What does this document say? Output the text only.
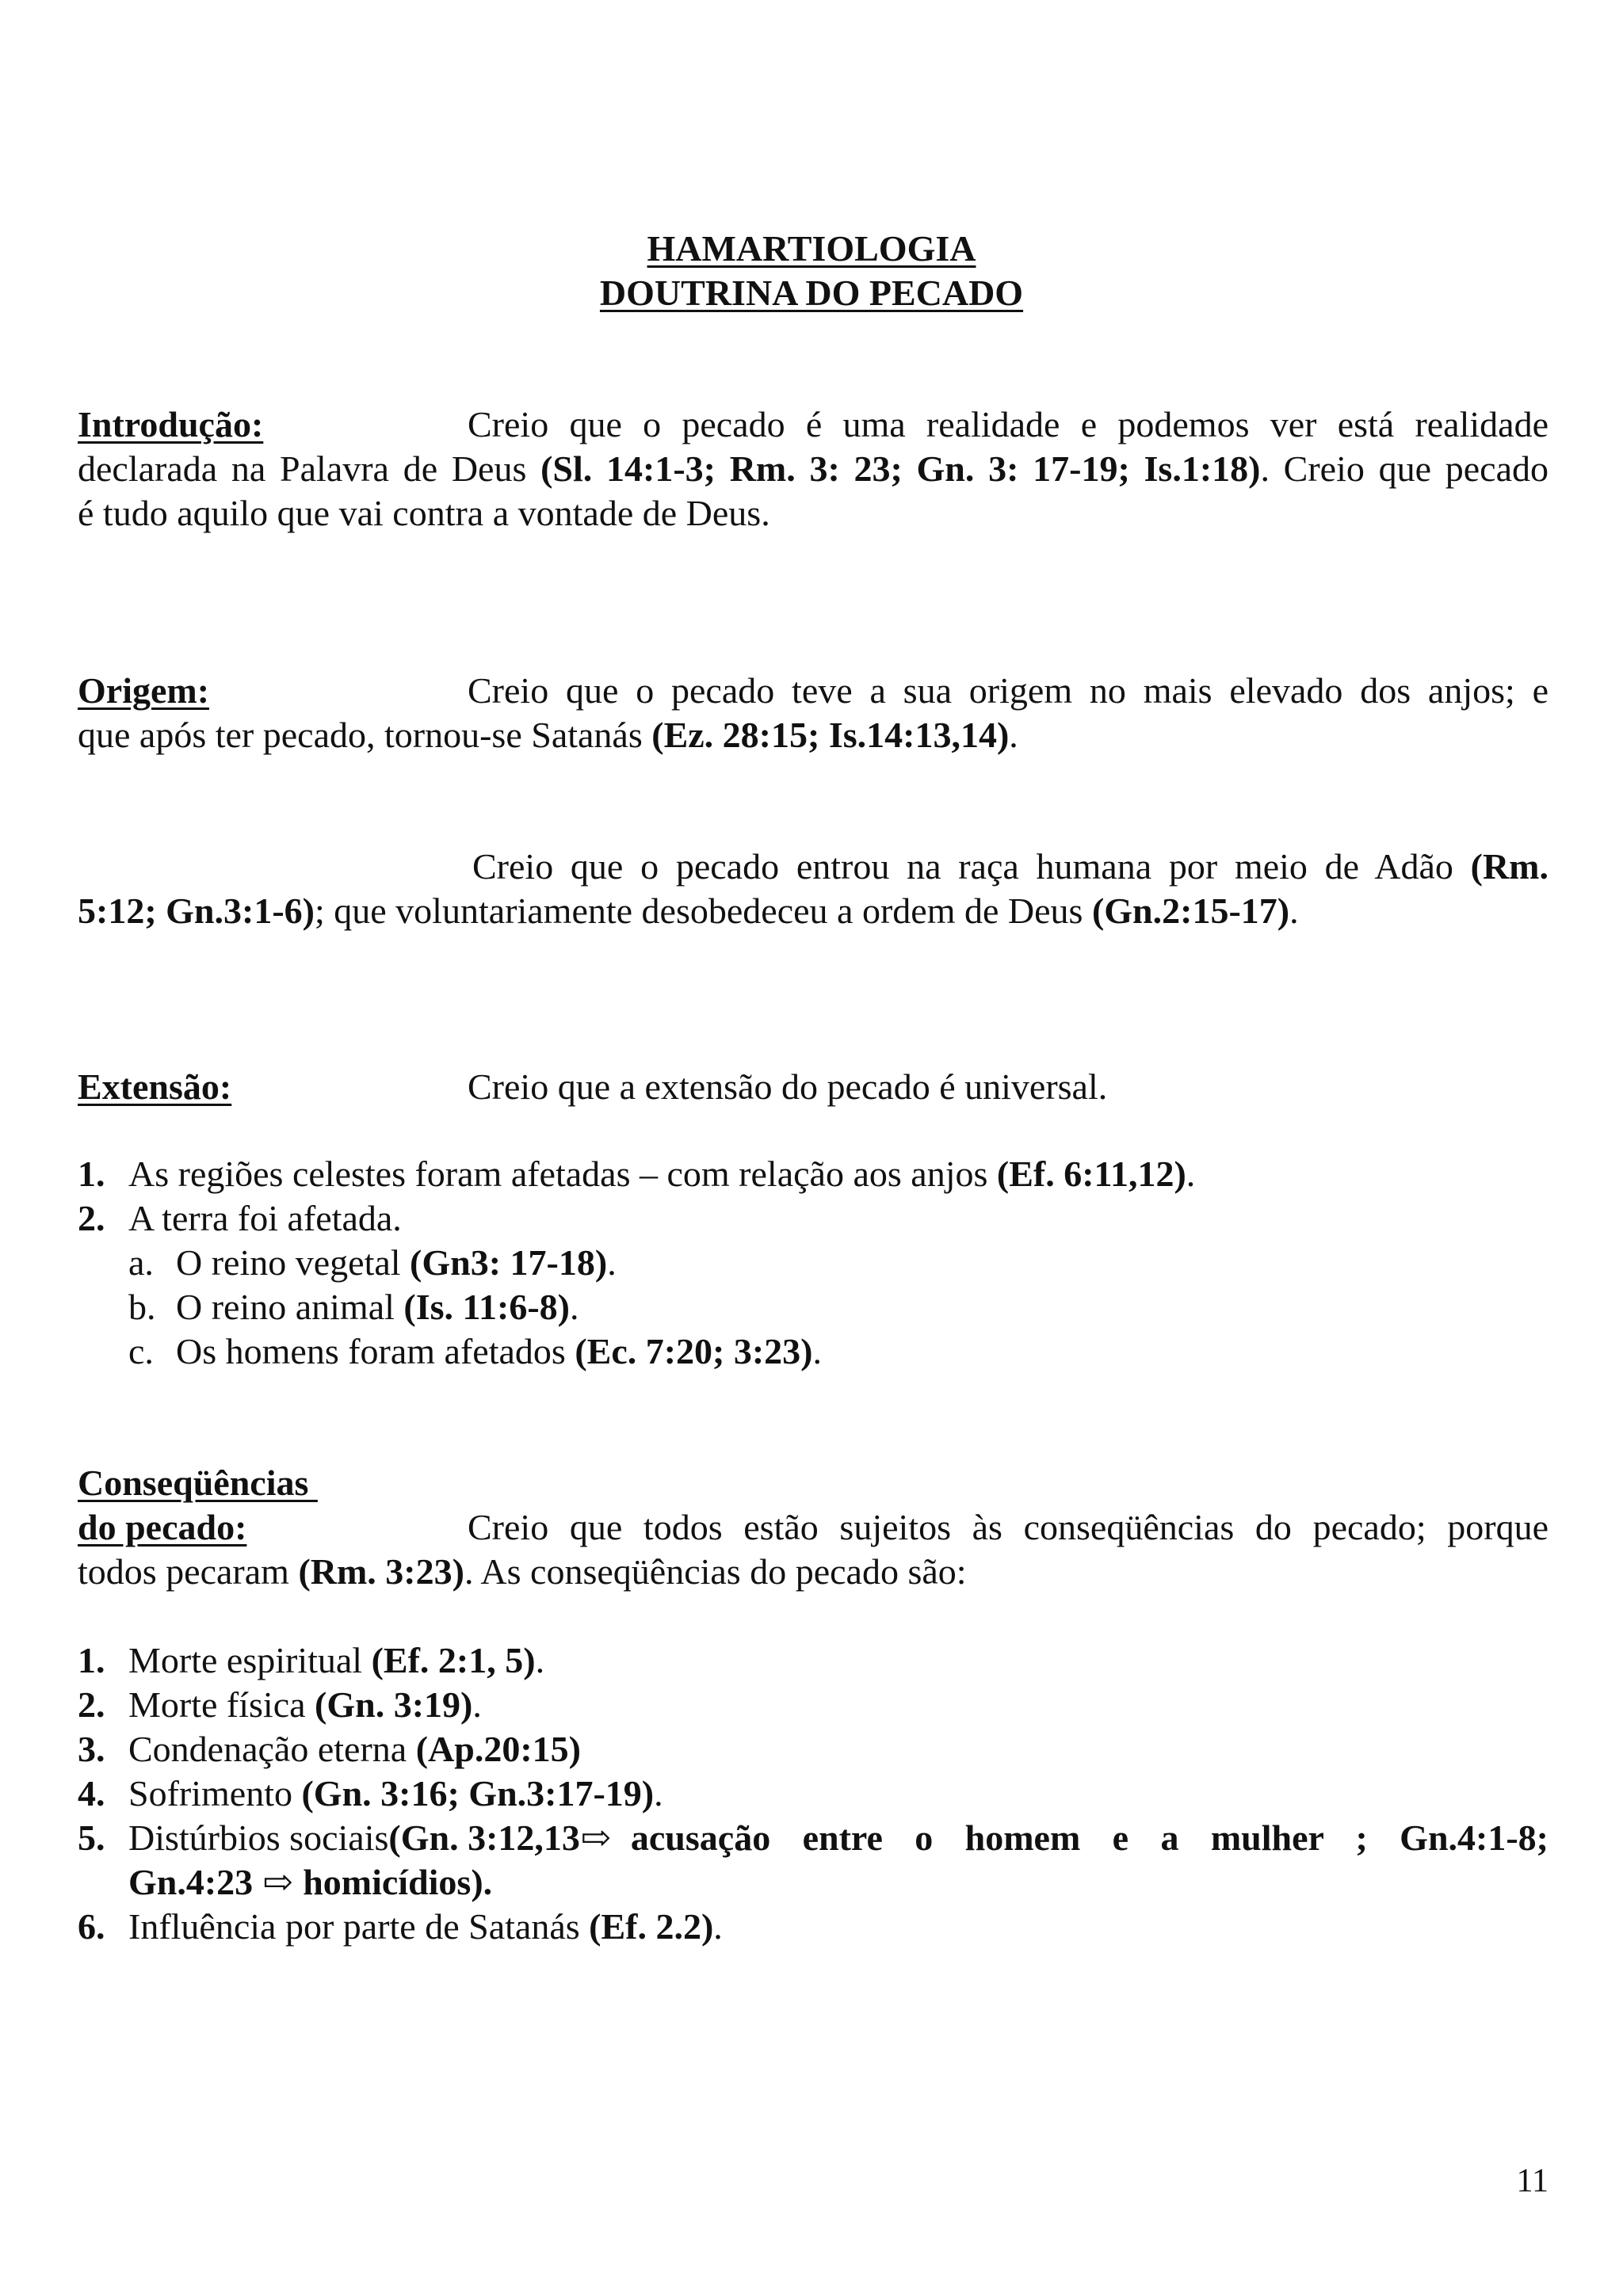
HAMARTIOLOGIA
DOUTRINA DO PECADO
Introdução:	Creio que o pecado é uma realidade e podemos ver está realidade
declarada na Palavra de Deus (Sl. 14:1-3; Rm. 3: 23; Gn. 3: 17-19; Is.1:18). Creio que pecado
é tudo aquilo que vai contra a vontade de Deus.
Origem:	Creio que o pecado teve a sua origem no mais elevado dos anjos; e
que após ter pecado, tornou-se Satanás (Ez. 28:15; Is.14:13,14).
Creio que o pecado entrou na raça humana por meio de Adão (Rm.
5:12; Gn.3:1-6); que voluntariamente desobedeceu a ordem de Deus (Gn.2:15-17).
Extensão:	Creio que a extensão do pecado é universal.
1. As regiões celestes foram afetadas – com relação aos anjos (Ef. 6:11,12).
2. A terra foi afetada.
a. O reino vegetal (Gn3: 17-18).
b. O reino animal (Is. 11:6-8).
c. Os homens foram afetados (Ec. 7:20; 3:23).
Conseqüências
do pecado:	Creio que todos estão sujeitos às conseqüências do pecado; porque
todos pecaram (Rm. 3:23). As conseqüências do pecado são:
1. Morte espiritual (Ef. 2:1, 5).
2. Morte física (Gn. 3:19).
3. Condenação eterna (Ap.20:15)
4. Sofrimento (Gn. 3:16; Gn.3:17-19).
5. Distúrbios sociais (Gn. 3:12,13 ⇨ acusação entre o homem e a mulher ; Gn.4:1-8;
Gn.4:23 ⇨ homicídios).
6. Influência por parte de Satanás (Ef. 2.2).
11
